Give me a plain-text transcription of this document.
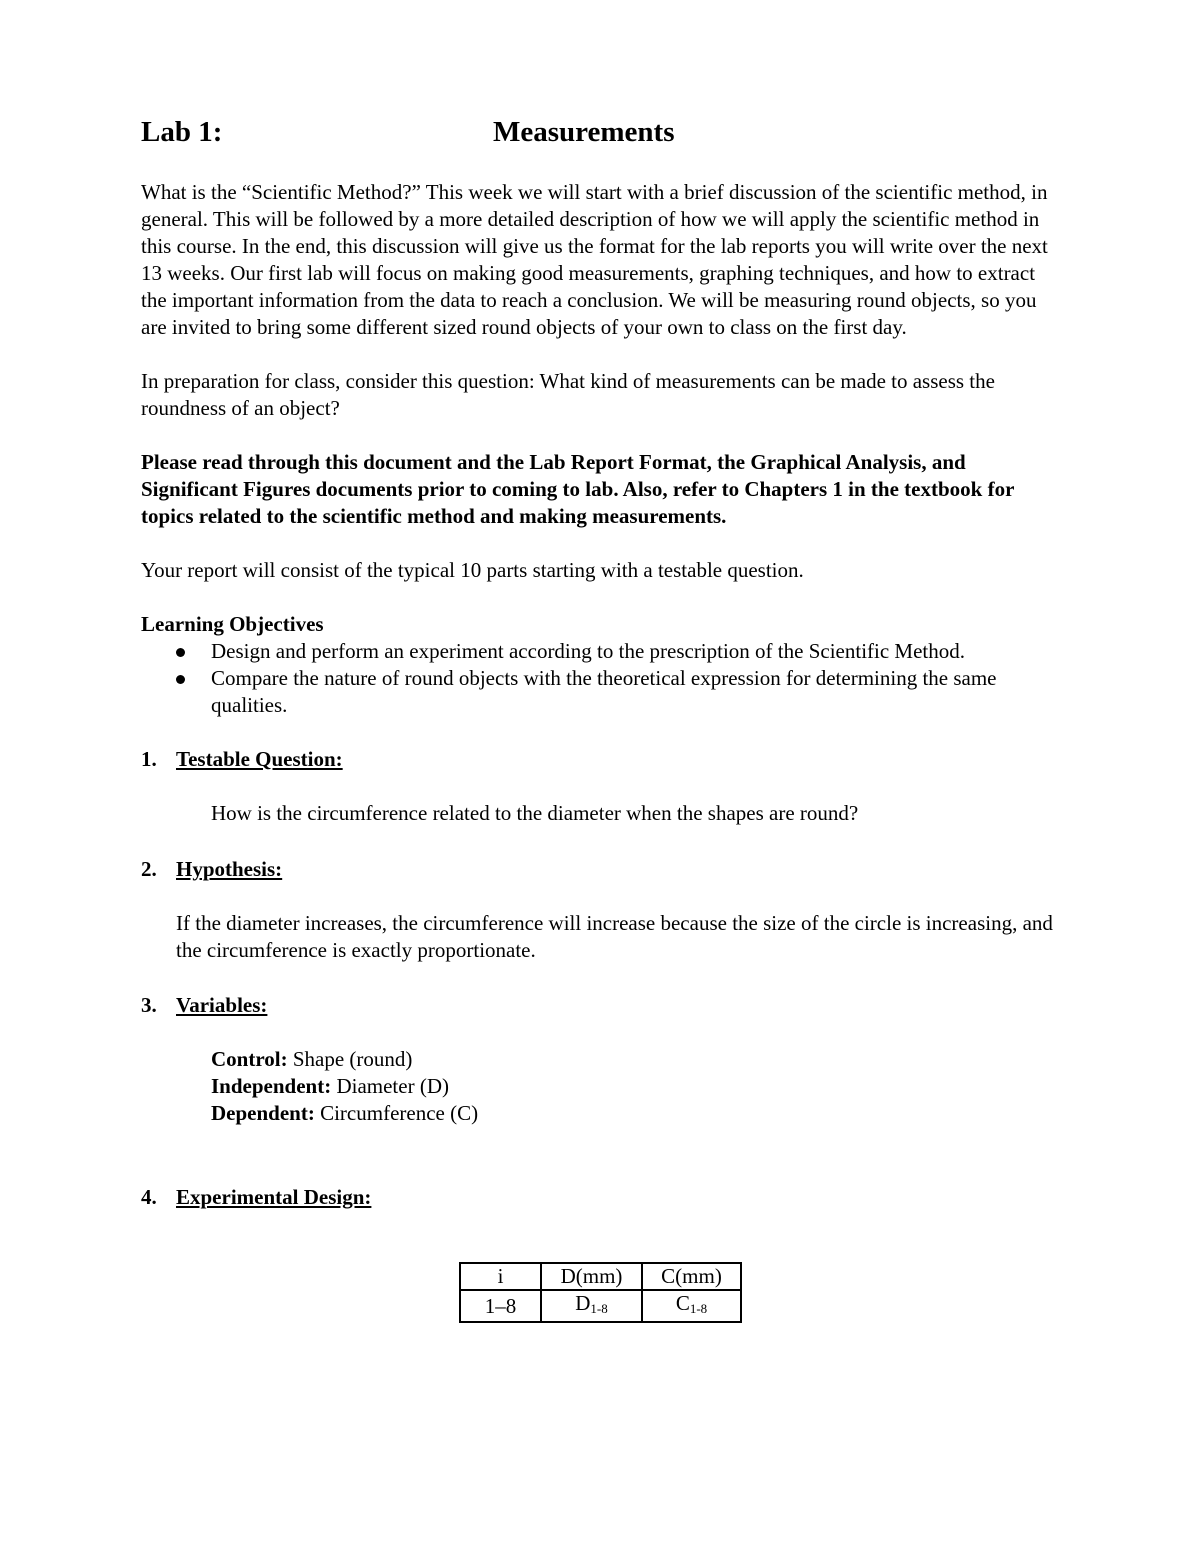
Lab 1:	Measurements

What is the “Scientific Method?” This week we will start with a brief discussion of the scientific method, in general. This will be followed by a more detailed description of how we will apply the scientific method in this course. In the end, this discussion will give us the format for the lab reports you will write over the next 13 weeks. Our first lab will focus on making good measurements, graphing techniques, and how to extract the important information from the data to reach a conclusion. We will be measuring round objects, so you are invited to bring some different sized round objects of your own to class on the first day.

In preparation for class, consider this question: What kind of measurements can be made to assess the roundness of an object?

Please read through this document and the Lab Report Format, the Graphical Analysis, and Significant Figures documents prior to coming to lab. Also, refer to Chapters 1 in the textbook for topics related to the scientific method and making measurements.

Your report will consist of the typical 10 parts starting with a testable question.

Learning Objectives

Design and perform an experiment according to the prescription of the Scientific Method.
Compare the nature of round objects with the theoretical expression for determining the same qualities.
1. Testable Question:

How is the circumference related to the diameter when the shapes are round?

2. Hypothesis:

If the diameter increases, the circumference will increase because the size of the circle is increasing, and the circumference is exactly proportionate.

3. Variables:

Control: Shape (round)

Independent: Diameter (D)

Dependent: Circumference (C)

4. Experimental Design:
i	D(mm)	C(mm)
1–8	$D_{1-8}$	$C_{1-8}$
